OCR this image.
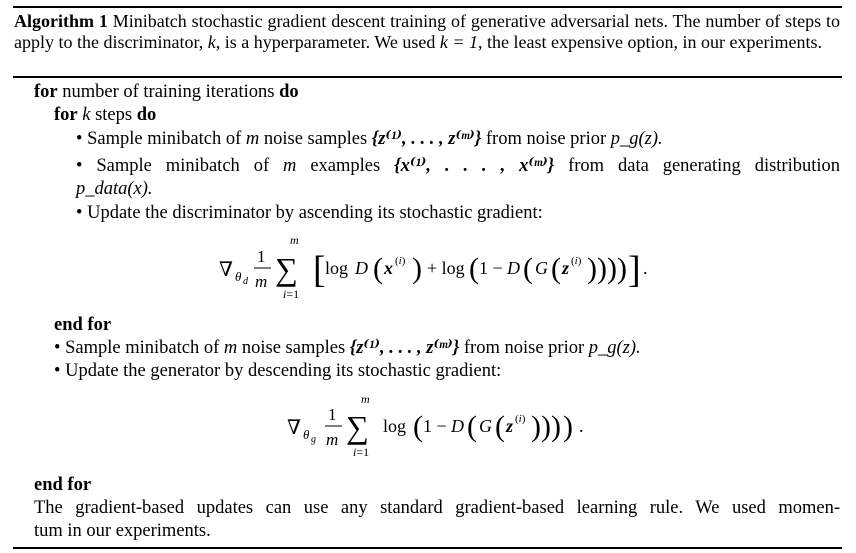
Algorithm 1 Minibatch stochastic gradient descent training of generative adversarial nets. The number of steps to apply to the discriminator, k, is a hyperparameter. We used k = 1, the least expensive option, in our experiments.
for number of training iterations do
for k steps do
• Sample minibatch of m noise samples {z⁽¹⁾, . . . , z⁽ᵐ⁾} from noise prior p_g(z).
• Sample minibatch of m examples {x⁽¹⁾, . . . , x⁽ᵐ⁾} from data generating distribution
p_data(x).
• Update the discriminator by ascending its stochastic gradient:
∇ θ d
1
m
m
∑
i=1
[ log D ( x (i) ) + log ( 1 − D ( G ( z (i) ) ) ) ) ] .
end for
• Sample minibatch of m noise samples {z⁽¹⁾, . . . , z⁽ᵐ⁾} from noise prior p_g(z).
• Update the generator by descending its stochastic gradient:
∇ θ g
1
m
m
∑
i=1
log ( 1 − D ( G ( z (i) ) ) ) ) .
end for
The gradient-based updates can use any standard gradient-based learning rule. We used momen-
tum in our experiments.
